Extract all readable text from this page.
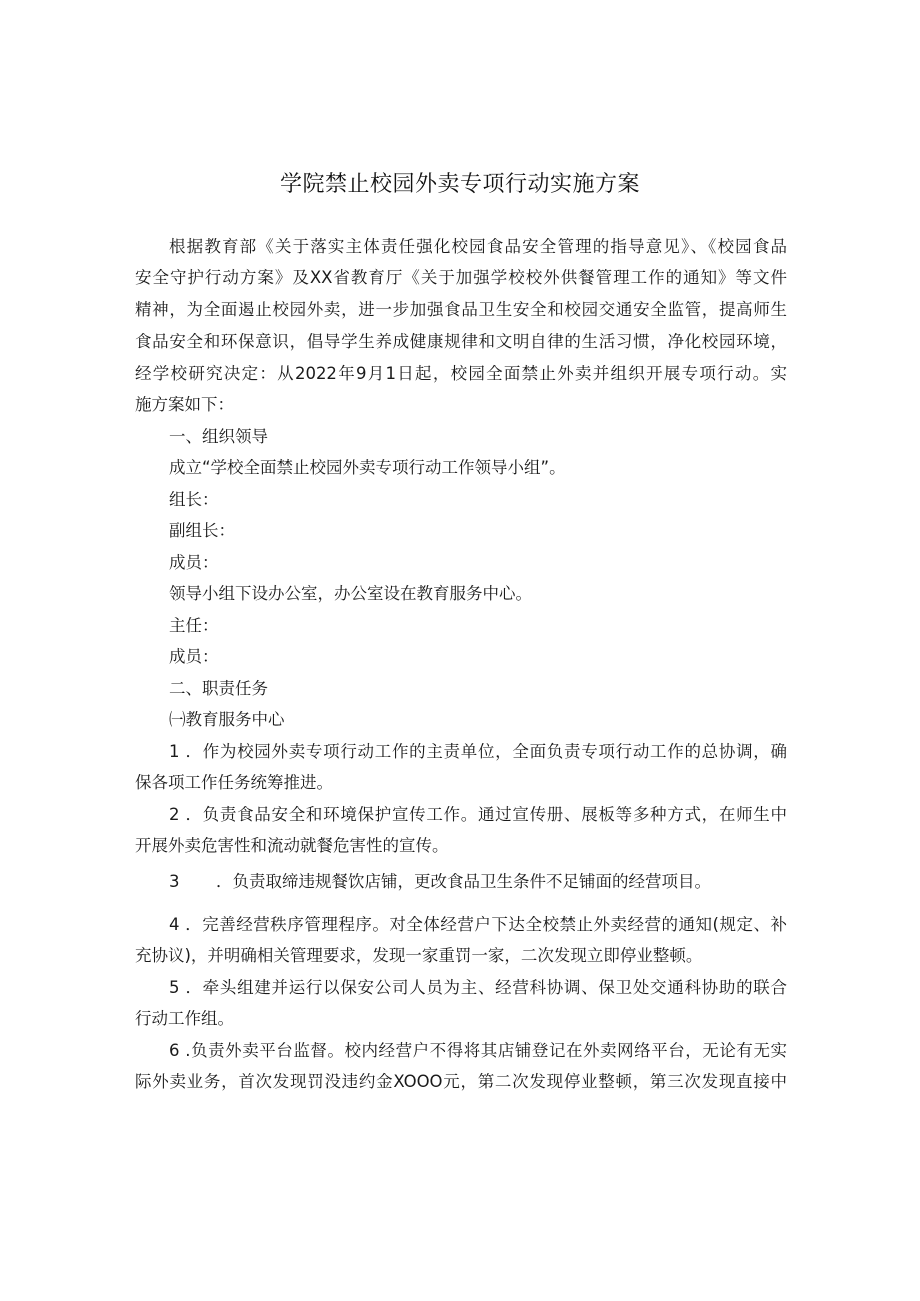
学院禁止校园外卖专项行动实施方案
根据教育部《关于落实主体责任强化校园食品安全管理的指导意见》、《校园食品
安全守护行动方案》及XX省教育厅《关于加强学校校外供餐管理工作的通知》等文件
精神，为全面遏止校园外卖，进一步加强食品卫生安全和校园交通安全监管，提高师生
食品安全和环保意识，倡导学生养成健康规律和文明自律的生活习惯，净化校园环境，
经学校研究决定：从2022年9月1日起，校园全面禁止外卖并组织开展专项行动。实
施方案如下：
一、组织领导
成立“学校全面禁止校园外卖专项行动工作领导小组”。
组长：
副组长：
成员：
领导小组下设办公室，办公室设在教育服务中心。
主任：
成员：
二、职责任务
㈠教育服务中心
1 ．作为校园外卖专项行动工作的主责单位，全面负责专项行动工作的总协调，确
保各项工作任务统筹推进。
2 ．负责食品安全和环境保护宣传工作。通过宣传册、展板等多种方式，在师生中
开展外卖危害性和流动就餐危害性的宣传。
3 ．负责取缔违规餐饮店铺，更改食品卫生条件不足铺面的经营项目。
4 ．完善经营秩序管理程序。对全体经营户下达全校禁止外卖经营的通知(规定、补
充协议)，并明确相关管理要求，发现一家重罚一家，二次发现立即停业整顿。
5 ．牵头组建并运行以保安公司人员为主、经营科协调、保卫处交通科协助的联合
行动工作组。
6 .负责外卖平台监督。校内经营户不得将其店铺登记在外卖网络平台，无论有无实
际外卖业务，首次发现罚没违约金XOOO元，第二次发现停业整顿，第三次发现直接中
